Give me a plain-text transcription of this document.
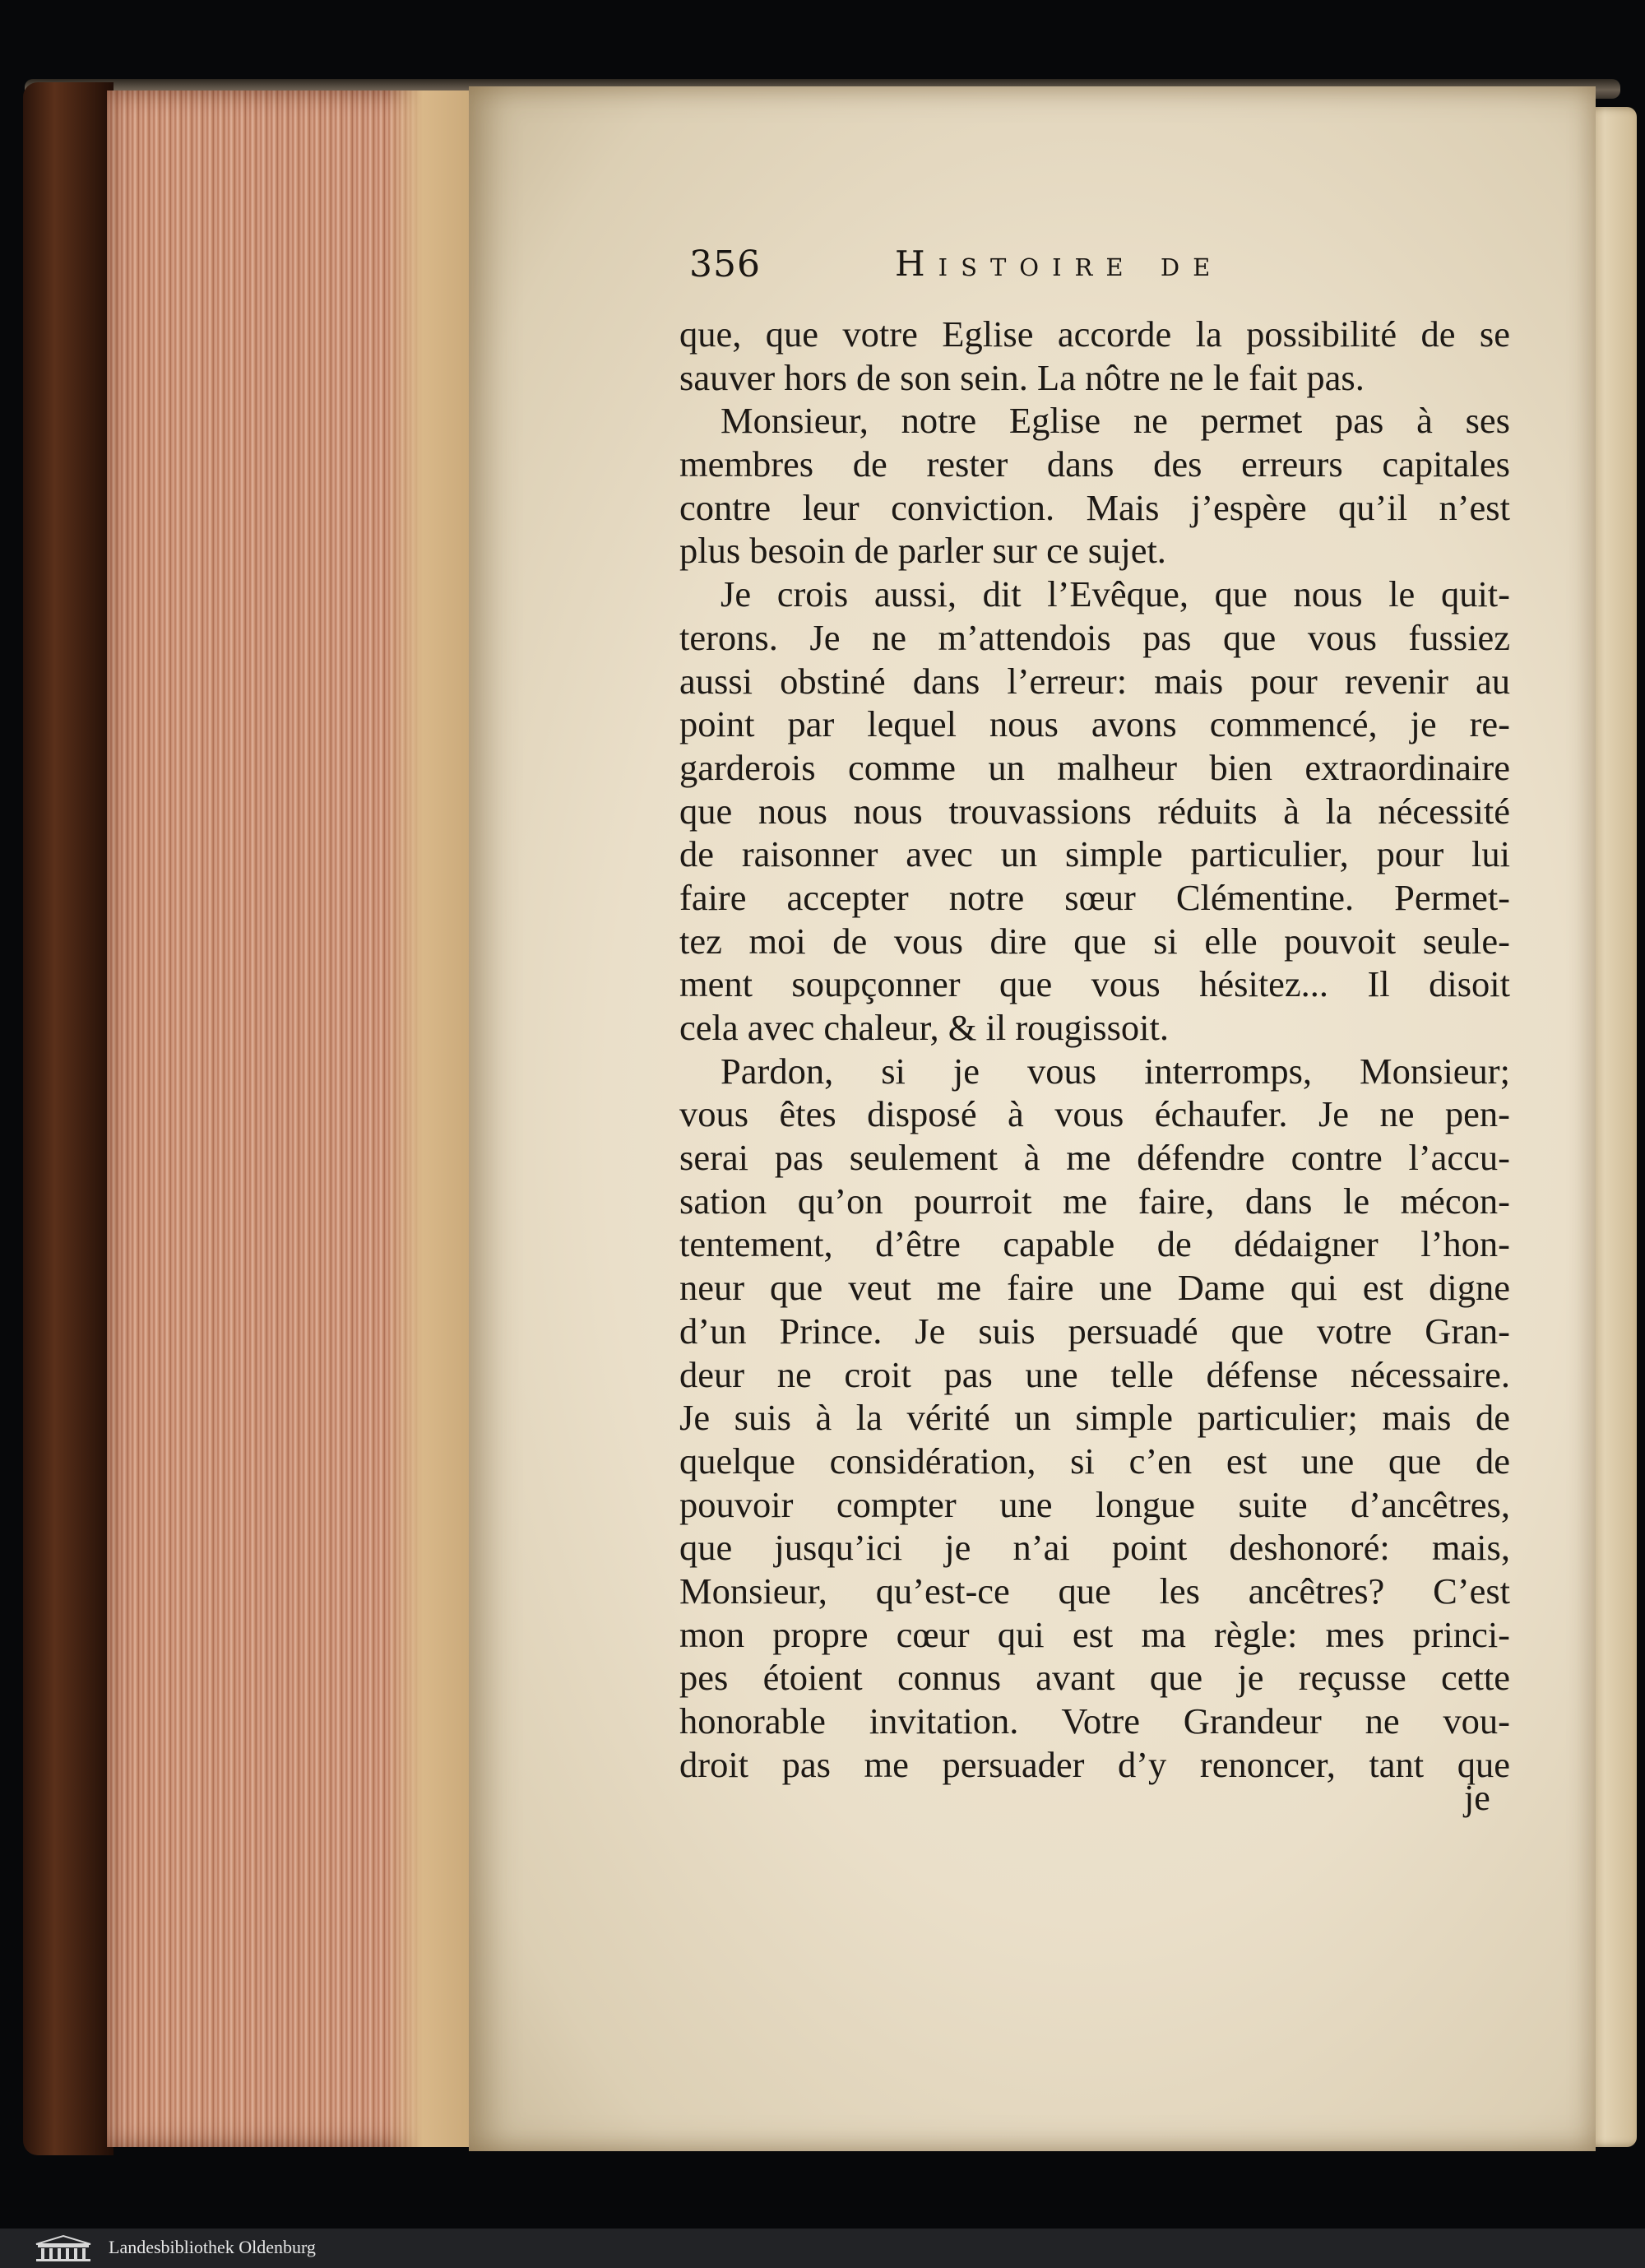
356	Histoire de
que, que votre Eglise accorde la possibilité de se
sauver hors de son sein. La nôtre ne le fait pas.
Monsieur, notre Eglise ne permet pas à ses
membres de rester dans des erreurs capitales
contre leur conviction. Mais j’espère qu’il n’est
plus besoin de parler sur ce sujet.
Je crois aussi, dit l’Evêque, que nous le quit-
terons. Je ne m’attendois pas que vous fussiez
aussi obstiné dans l’erreur: mais pour revenir au
point par lequel nous avons commencé, je re-
garderois comme un malheur bien extraordinaire
que nous nous trouvassions réduits à la nécessité
de raisonner avec un simple particulier, pour lui
faire accepter notre sœur Clémentine. Permet-
tez moi de vous dire que si elle pouvoit seule-
ment soupçonner que vous hésitez... Il disoit
cela avec chaleur, & il rougissoit.
Pardon, si je vous interromps, Monsieur;
vous êtes disposé à vous échaufer. Je ne pen-
serai pas seulement à me défendre contre l’accu-
sation qu’on pourroit me faire, dans le mécon-
tentement, d’être capable de dédaigner l’hon-
neur que veut me faire une Dame qui est digne
d’un Prince. Je suis persuadé que votre Gran-
deur ne croit pas une telle défense nécessaire.
Je suis à la vérité un simple particulier; mais de
quelque considération, si c’en est une que de
pouvoir compter une longue suite d’ancêtres,
que jusqu’ici je n’ai point deshonoré: mais,
Monsieur, qu’est-ce que les ancêtres? C’est
mon propre cœur qui est ma règle: mes princi-
pes étoient connus avant que je reçusse cette
honorable invitation. Votre Grandeur ne vou-
droit pas me persuader d’y renoncer, tant que
je
Landesbibliothek Oldenburg
